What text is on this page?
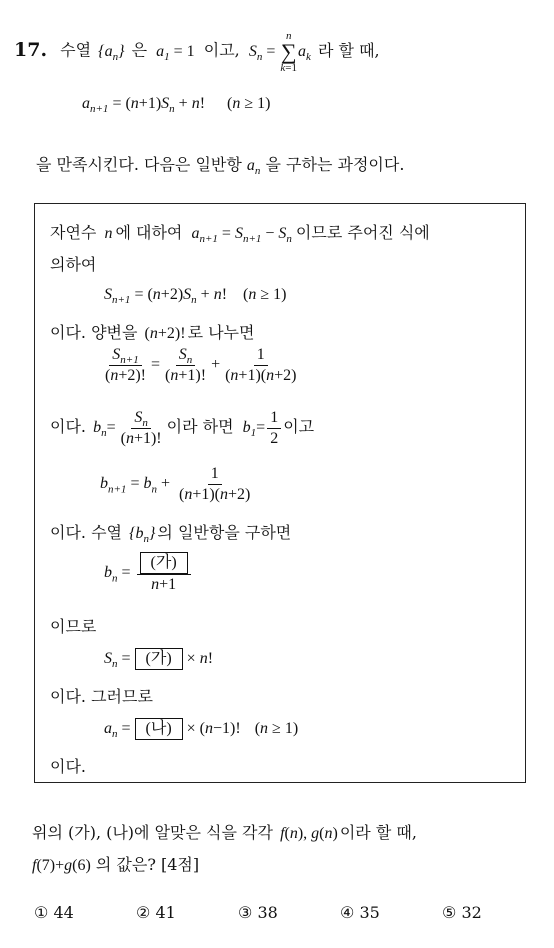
17. 수열 $\{a_n\}$ 은 $a_1 = 1$ 이고, $S_n$ =
n
∑
k=1
$a_k$ 라 할 때,
$a_{n+1} = (n+1)S_n + n$! (n ≥ 1)
을 만족시킨다. 다음은 일반항 $a_n$ 을 구하는 과정이다.
자연수 n 에 대하여 $a_{n+1} = S_{n+1} - S_n$ 이므로 주어진 식에
의하여
$S_{n+1} = (n+2)S_n + n$! (n ≥ 1)
이다. 양변을 (n+2)! 로 나누면
$\frac{S_{n+1}}{(n+2)!} = \frac{S_n}{(n+1)!} + \frac{1}{(n+1)(n+2)}$
이다. $b_n= \frac{S_n}{(n+1)!}$ 이라 하면 $b_1= \frac{1}{2}$ 이고
$b_{n+1} = b_n + \frac{1}{(n+1)(n+2)}$
이다. 수열 $\{b_n\}$ 의 일반항을 구하면
$b_n = \frac{\text{(가)}}{n+1}$
이므로
$S_n$ = (가) × n!
이다. 그러므로
$a_n$ = (나) × (n−1)! (n ≥ 1)
이다.
위의 (가), (나)에 알맞은 식을 각각 f(n), g(n) 이라 할 때,
f(7)+g(6) 의 값은? [4점]
① 44	② 41	③ 38	④ 35	⑤ 32
